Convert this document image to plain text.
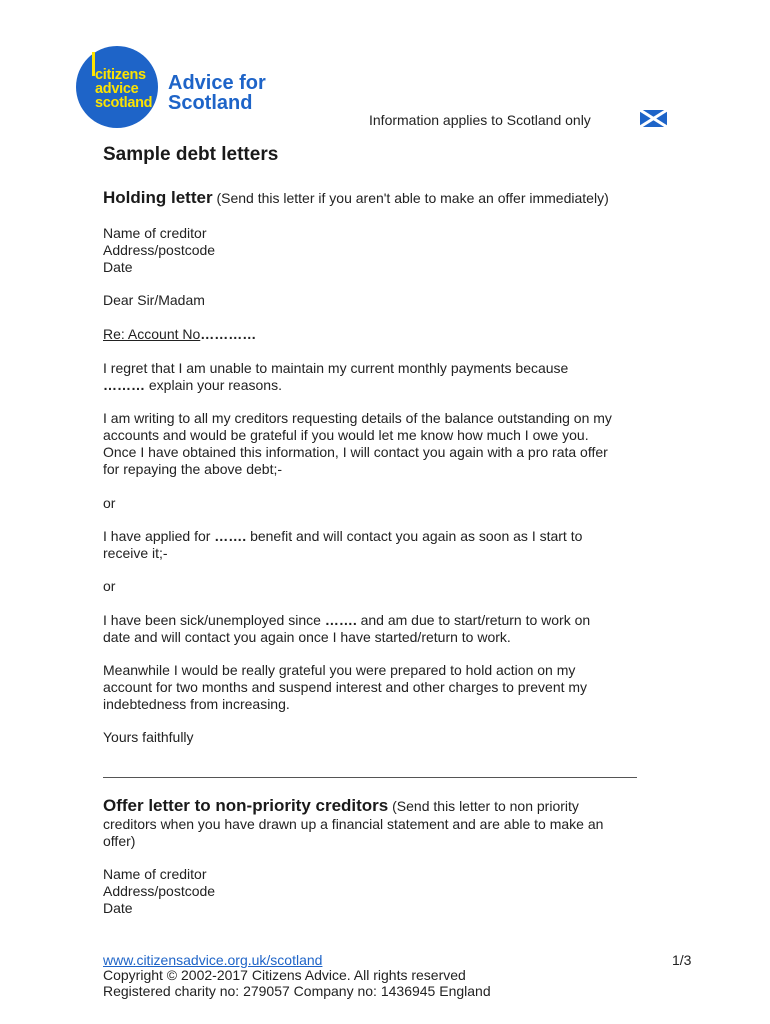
citizens
advice
scotland
Advice for
Scotland
Information applies to Scotland only
Sample debt letters
Holding letter (Send this letter if you aren't able to make an offer immediately)
Name of creditor
Address/postcode
Date
Dear Sir/Madam
Re: Account No…………
I regret that I am unable to maintain my current monthly payments because
……… explain your reasons.
I am writing to all my creditors requesting details of the balance outstanding on my
accounts and would be grateful if you would let me know how much I owe you.
Once I have obtained this information, I will contact you again with a pro rata offer
for repaying the above debt;-
or
I have applied for ……. benefit and will contact you again as soon as I start to
receive it;-
or
I have been sick/unemployed since ……. and am due to start/return to work on
date and will contact you again once I have started/return to work.
Meanwhile I would be really grateful you were prepared to hold action on my
account for two months and suspend interest and other charges to prevent my
indebtedness from increasing.
Yours faithfully
Offer letter to non-priority creditors (Send this letter to non priority
creditors when you have drawn up a financial statement and are able to make an
offer)
Name of creditor
Address/postcode
Date
www.citizensadvice.org.uk/scotland	1/3
Copyright © 2002-2017 Citizens Advice. All rights reserved
Registered charity no: 279057 Company no: 1436945 England
